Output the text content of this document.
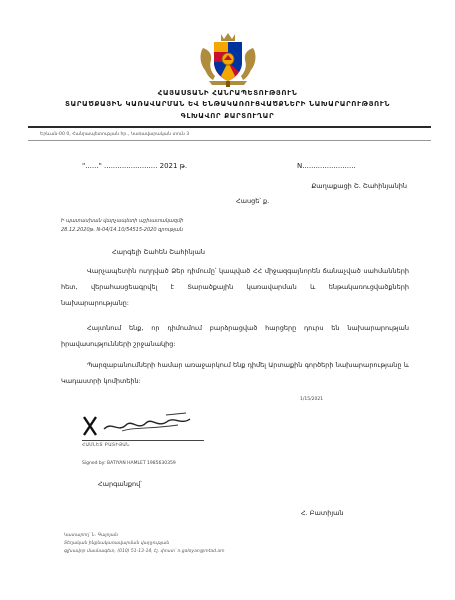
ՀԱՅԱՍՏԱՆԻ ՀԱՆՐԱՊԵՏՈՒԹՅՈՒՆ
ՏԱՐԱԾՔԱՅԻՆ ԿԱՌԱՎԱՐՄԱՆ ԵՎ ԵՆԹԱԿԱՌՈՒՑՎԱԾՔՆԵՐԻ ՆԱԽԱՐԱՐՈՒԹՅՈՒՆ
ԳԼԽԱՎՈՐ ՔԱՐՏՈՒՂԱՐ
Երևան-00 0, Հանրապետության հր., Կառավարական տուն 3
"......" ........................ 2021 թ.	N........................
Քաղաքացի Շ. Շահինյանին
Հասցե՝ ք.
Ի պատասխան վարչապետի աշխատակազմի
28.12.2020թ. N-04/14.10/54515-2020 գրության
Հարգելի Շահեն Շահինյան
Վարչապետին ուղղված Ձեր դիմումը՝ կապված ՀՀ միջազգայնորեն ճանաչված սահմանների հետ, վերահասցեագրվել է Տարածքային կառավարման և ենթակառուցվածքների նախարարությանը:
Հայտնում ենք, որ դիմումում բարձրացված հարցերը դուրս են նախարարության իրավասությունների շրջանակից:
Պարզաբանումների համար առաջարկում ենք դիմել Արտաքին գործերի նախարարությանը և Կադաստրի կոմիտեին:
1/15/2021
ՀԱՄԼԵՏ ԲԱՏԻՅԱՆ
Signed by: BATIYAN HAMLET 1985630359
Հարգանքով՝
Հ. Բատիյան
Կատարող՝ Ն. Գալոյան
Տեղական ինքնակառավարման վարչության
գլխավոր մասնագետ, (010) 51-13-14, էլ. փոստ՝ n.galoyan@mtad.am
